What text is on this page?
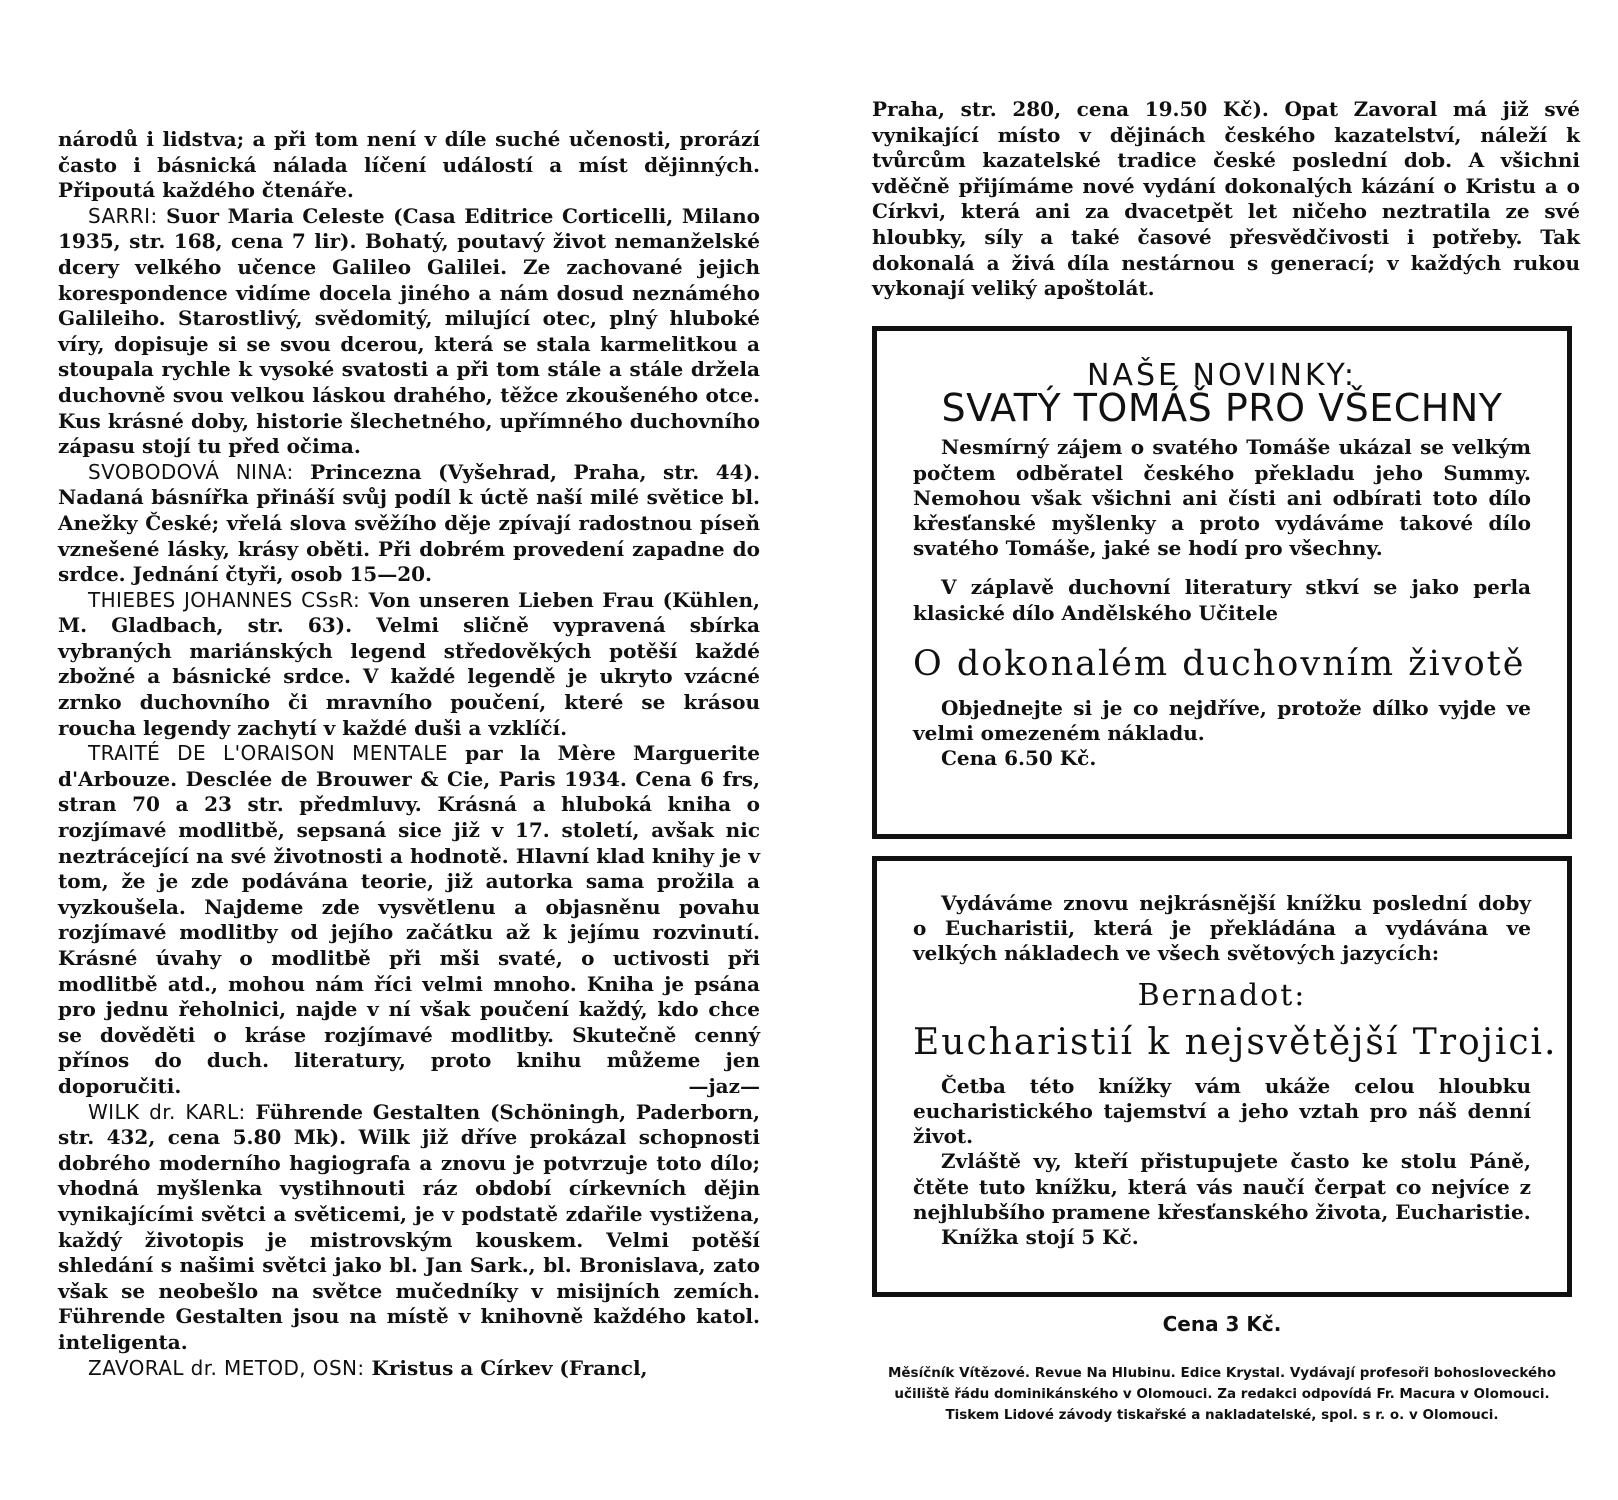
národů i lidstva; a při tom není v díle suché učenosti, prorází často i básnická nálada líčení událostí a míst dějinných. Připoutá každého čtenáře.

SARRI: Suor Maria Celeste (Casa Editrice Corticelli, Milano 1935, str. 168, cena 7 lir). Bohatý, poutavý život nemanželské dcery velkého učence Galileo Galilei. Ze zachované jejich korespondence vidíme docela jiného a nám dosud neznámého Galileiho. Starostlivý, svědomitý, milující otec, plný hluboké víry, dopisuje si se svou dcerou, která se stala karmelitkou a stoupala rychle k vysoké svatosti a při tom stále a stále držela duchovně svou velkou láskou drahého, těžce zkoušeného otce. Kus krásné doby, historie šlechetného, upřímného duchovního zápasu stojí tu před očima.

SVOBODOVÁ NINA: Princezna (Vyšehrad, Praha, str. 44). Nadaná básnířka přináší svůj podíl k úctě naší milé světice bl. Anežky České; vřelá slova svěžího děje zpívají radostnou píseň vznešené lásky, krásy oběti. Při dobrém provedení zapadne do srdce. Jednání čtyři, osob 15—20.

THIEBES JOHANNES CSsR: Von unseren Lieben Frau (Kühlen, M. Gladbach, str. 63). Velmi sličně vypravená sbírka vybraných mariánských legend středověkých potěší každé zbožné a básnické srdce. V každé legendě je ukryto vzácné zrnko duchovního či mravního poučení, které se krásou roucha legendy zachytí v každé duši a vzklíčí.

TRAITÉ DE L'ORAISON MENTALE par la Mère Marguerite d'Arbouze. Desclée de Brouwer & Cie, Paris 1934. Cena 6 frs, stran 70 a 23 str. předmluvy. Krásná a hluboká kniha o rozjímavé modlitbě, sepsaná sice již v 17. století, avšak nic neztrácející na své životnosti a hodnotě. Hlavní klad knihy je v tom, že je zde podávána teorie, již autorka sama prožila a vyzkoušela. Najdeme zde vysvětlenu a objasněnu povahu rozjímavé modlitby od jejího začátku až k jejímu rozvinutí. Krásné úvahy o modlitbě při mši svaté, o uctivosti při modlitbě atd., mohou nám říci velmi mnoho. Kniha je psána pro jednu řeholnici, najde v ní však poučení každý, kdo chce se dověděti o kráse rozjímavé modlitby. Skutečně cenný přínos do duch. literatury, proto knihu můžeme jen doporučiti.	—jaz—

WILK dr. KARL: Führende Gestalten (Schöningh, Paderborn, str. 432, cena 5.80 Mk). Wilk již dříve prokázal schopnosti dobrého moderního hagiografa a znovu je potvrzuje toto dílo; vhodná myšlenka vystihnouti ráz období církevních dějin vynikajícími světci a světicemi, je v podstatě zdařile vystižena, každý životopis je mistrovským kouskem. Velmi potěší shledání s našimi světci jako bl. Jan Sark., bl. Bronislava, zato však se neobešlo na světce mučedníky v misijních zemích. Führende Gestalten jsou na místě v knihovně každého katol. inteligenta.

ZAVORAL dr. METOD, OSN: Kristus a Církev (Francl,

Praha, str. 280, cena 19.50 Kč). Opat Zavoral má již své vynikající místo v dějinách českého kazatelství, náleží k tvůrcům kazatelské tradice české poslední dob. A všichni vděčně přijímáme nové vydání dokonalých kázání o Kristu a o Církvi, která ani za dvacetpět let ničeho neztratila ze své hloubky, síly a také časové přesvědčivosti i potřeby. Tak dokonalá a živá díla nestárnou s generací; v každých rukou vykonají veliký apoštolát.

NAŠE NOVINKY:

SVATÝ TOMÁŠ PRO VŠECHNY

Nesmírný zájem o svatého Tomáše ukázal se velkým počtem odběratel českého překladu jeho Summy. Nemohou však všichni ani čísti ani odbírati toto dílo křesťanské myšlenky a proto vydáváme takové dílo svatého Tomáše, jaké se hodí pro všechny.

V záplavě duchovní literatury stkví se jako perla klasické dílo Andělského Učitele

O dokonalém duchovním životě

Objednejte si je co nejdříve, protože dílko vyjde ve velmi omezeném nákladu.

Cena 6.50 Kč.

Vydáváme znovu nejkrásnější knížku poslední doby o Eucharistii, která je překládána a vydávána ve velkých nákladech ve všech světových jazycích:

Bernadot:

Eucharistií k nejsvětější Trojici.

Četba této knížky vám ukáže celou hloubku eucharistického tajemství a jeho vztah pro náš denní život.

Zvláště vy, kteří přistupujete často ke stolu Páně, čtěte tuto knížku, která vás naučí čerpat co nejvíce z nejhlubšího pramene křesťanského života, Eucharistie.

Knížka stojí 5 Kč.

Cena 3 Kč.
Měsíčník Vítězové. Revue Na Hlubinu. Edice Krystal. Vydávají profesoři bohosloveckého učiliště řádu dominikánského v Olomouci. Za redakci odpovídá Fr. Macura v Olomouci. Tiskem Lidové závody tiskařské a nakladatelské, spol. s r. o. v Olomouci.
